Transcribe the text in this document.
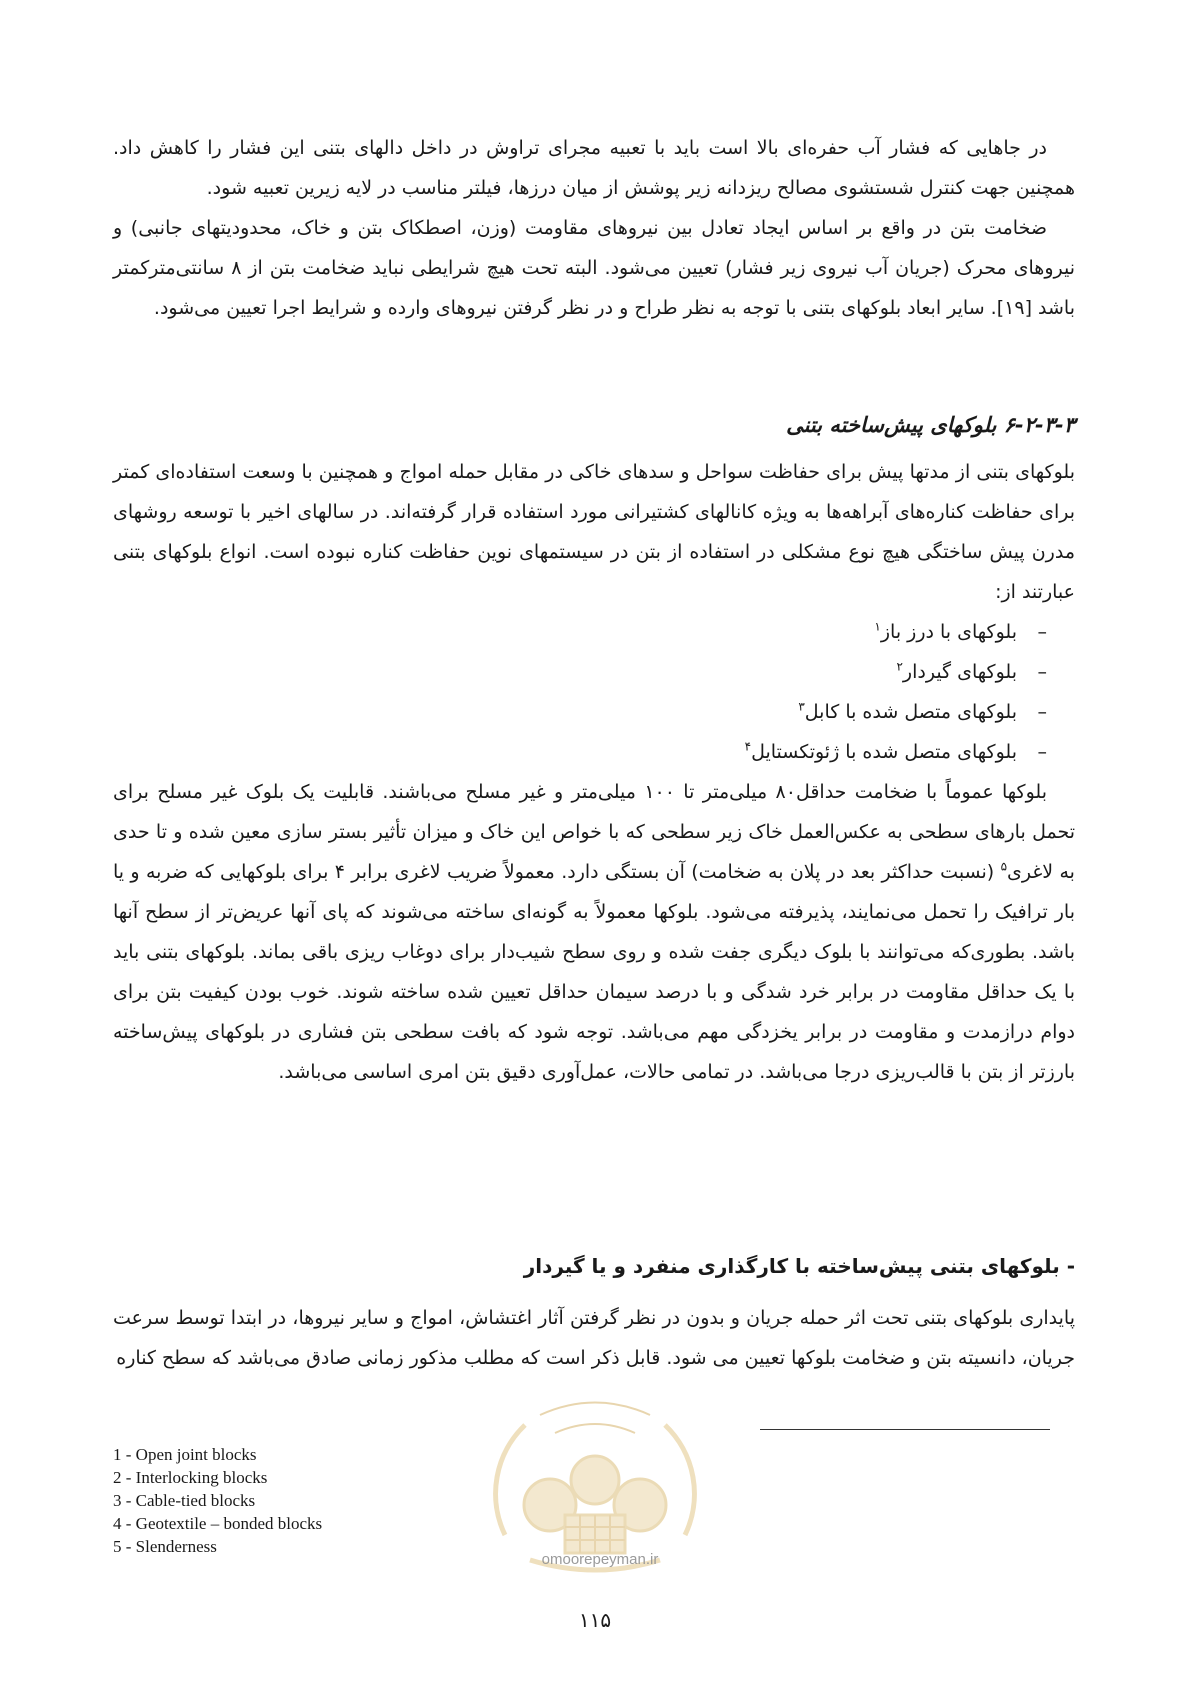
در جاهایی که فشار آب حفره‌ای بالا است باید با تعبیه مجرای تراوش در داخل دالهای بتنی این فشار را کاهش داد. همچنین جهت کنترل شستشوی مصالح ریزدانه زیر پوشش از میان درزها، فیلتر مناسب در لایه زیرین تعبیه شود.

ضخامت بتن در واقع بر اساس ایجاد تعادل بین نیروهای مقاومت (وزن، اصطکاک بتن و خاک، محدودیتهای جانبی) و نیروهای محرک (جریان آب نیروی زیر فشار) تعیین می‌شود. البته تحت هیچ شرایطی نباید ضخامت بتن از ۸ سانتی‌مترکمتر باشد [۱۹]. سایر ابعاد بلوکهای بتنی با توجه به نظر طراح و در نظر گرفتن نیروهای وارده و شرایط اجرا تعیین می‌شود.

۶-۲-۳-۳ بلوکهای پیش‌ساخته بتنی

بلوکهای بتنی از مدتها پیش برای حفاظت سواحل و سدهای خاکی در مقابل حمله امواج و همچنین با وسعت استفاده‌ای کمتر برای حفاظت کناره‌های آبراهه‌ها به ویژه کانالهای کشتیرانی مورد استفاده قرار گرفته‌اند. در سالهای اخیر با توسعه روشهای مدرن پیش ساختگی هیچ نوع مشکلی در استفاده از بتن در سیستمهای نوین حفاظت کناره نبوده است. انواع بلوکهای بتنی عبارتند از:

–بلوکهای با درز باز$^۱$
–بلوکهای گیردار$^۲$
–بلوکهای متصل شده با کابل$^۳$
–بلوکهای متصل شده با ژئوتکستایل$^۴$

بلوکها عموماً با ضخامت حداقل۸۰ میلی‌متر تا ۱۰۰ میلی‌متر و غیر مسلح می‌باشند. قابلیت یک بلوک غیر مسلح برای تحمل بارهای سطحی به عکس‌العمل خاک زیر سطحی که با خواص این خاک و میزان تأثیر بستر سازی معین شده و تا حدی به لاغری$^۵$ (نسبت حداکثر بعد در پلان به ضخامت) آن بستگی دارد. معمولاً ضریب لاغری برابر ۴ برای بلوکهایی که ضربه و یا بار ترافیک را تحمل می‌نمایند، پذیرفته می‌شود. بلوکها معمولاً به گونه‌ای ساخته می‌شوند که پای آنها عریض‌تر از سطح آنها باشد. بطوری‌که می‌توانند با بلوک دیگری جفت شده و روی سطح شیب‌دار برای دوغاب ریزی باقی بماند. بلوکهای بتنی باید با یک حداقل مقاومت در برابر خرد شدگی و با درصد سیمان حداقل تعیین شده ساخته شوند. خوب بودن کیفیت بتن برای دوام درازمدت و مقاومت در برابر یخزدگی مهم می‌باشد. توجه شود که بافت سطحی بتن فشاری در بلوکهای پیش‌ساخته بارزتر از بتن با قالب‌ریزی درجا می‌باشد. در تمامی حالات، عمل‌آوری دقیق بتن امری اساسی می‌باشد.

- بلوکهای بتنی پیش‌ساخته با کارگذاری منفرد و یا گیردار

پایداری بلوکهای بتنی تحت اثر حمله جریان و بدون در نظر گرفتن آثار اغتشاش، امواج و سایر نیروها، در ابتدا توسط سرعت جریان، دانسیته بتن و ضخامت بلوکها تعیین می شود. قابل ذکر است که مطلب مذکور زمانی صادق می‌باشد که سطح کناره

1 - Open joint blocks
2 - Interlocking blocks
3 - Cable-tied blocks
4 - Geotextile – bonded blocks
5 - Slenderness
omoorepeyman.ir
۱۱۵
